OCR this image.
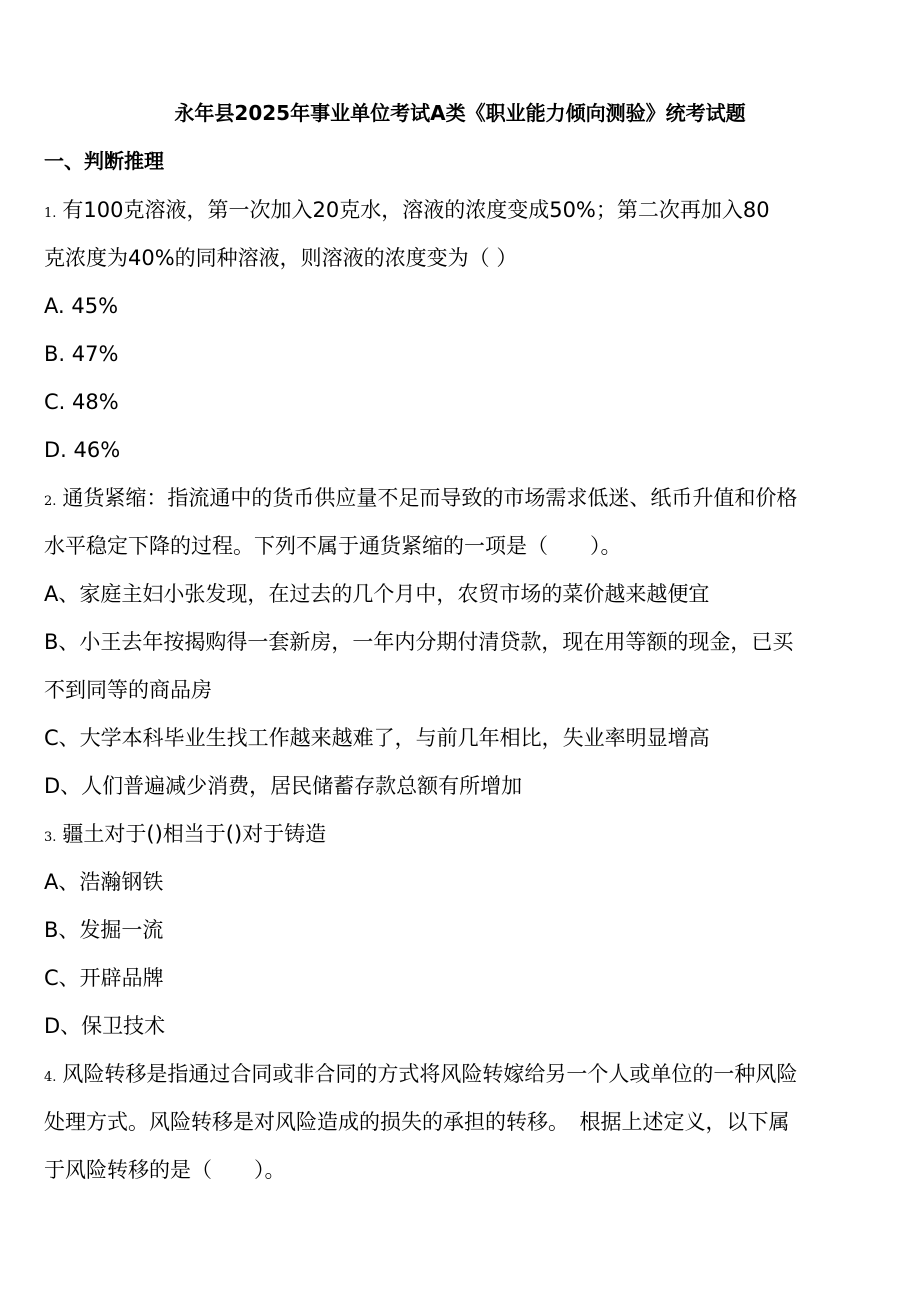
永年县2025年事业单位考试A类《职业能力倾向测验》统考试题
一、判断推理
1. 有100克溶液，第一次加入20克水，溶液的浓度变成50%；第二次再加入80
克浓度为40%的同种溶液，则溶液的浓度变为（ ）
A. 45%
B. 47%
C. 48%
D. 46%
2. 通货紧缩：指流通中的货币供应量不足而导致的市场需求低迷、纸币升值和价格
水平稳定下降的过程。下列不属于通货紧缩的一项是（　　）。
A、家庭主妇小张发现，在过去的几个月中，农贸市场的菜价越来越便宜
B、小王去年按揭购得一套新房，一年内分期付清贷款，现在用等额的现金，已买
不到同等的商品房
C、大学本科毕业生找工作越来越难了，与前几年相比，失业率明显增高
D、人们普遍减少消费，居民储蓄存款总额有所增加
3. 疆土对于()相当于()对于铸造
A、浩瀚钢铁
B、发掘一流
C、开辟品牌
D、保卫技术
4. 风险转移是指通过合同或非合同的方式将风险转嫁给另一个人或单位的一种风险
处理方式。风险转移是对风险造成的损失的承担的转移。　根据上述定义，以下属
于风险转移的是（　　）。
